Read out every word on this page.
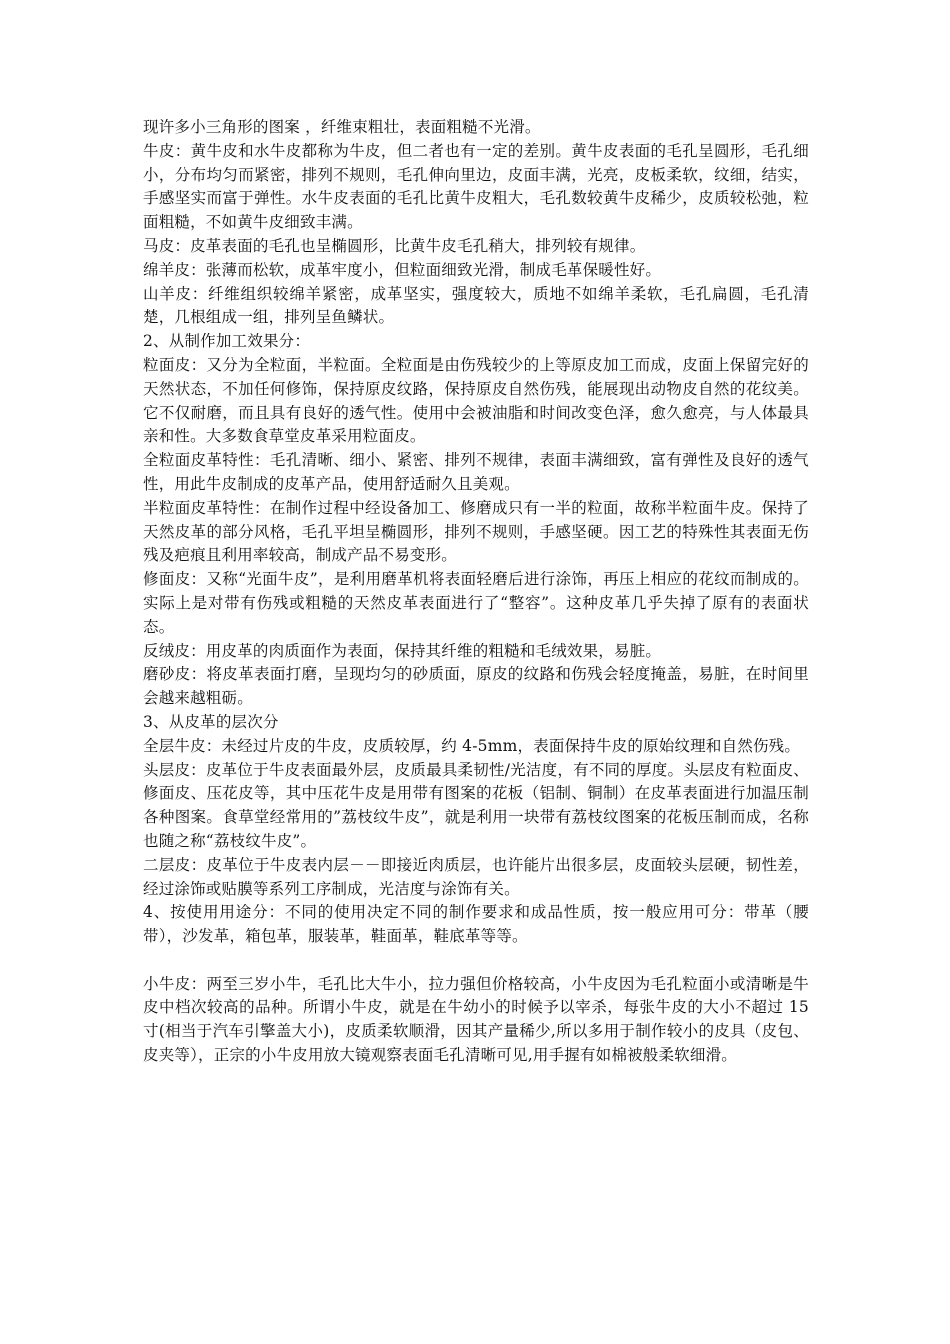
现许多小三角形的图案 ，纤维束粗壮，表面粗糙不光滑。

牛皮：黄牛皮和水牛皮都称为牛皮，但二者也有一定的差别。黄牛皮表面的毛孔呈圆形，毛孔细小，分布均匀而紧密，排列不规则，毛孔伸向里边，皮面丰满，光亮，皮板柔软，纹细，结实，手感坚实而富于弹性。水牛皮表面的毛孔比黄牛皮粗大，毛孔数较黄牛皮稀少，皮质较松弛，粒面粗糙，不如黄牛皮细致丰满。

马皮：皮革表面的毛孔也呈椭圆形，比黄牛皮毛孔稍大，排列较有规律。

绵羊皮：张薄而松软，成革牢度小，但粒面细致光滑，制成毛革保暖性好。

山羊皮：纤维组织较绵羊紧密，成革坚实，强度较大，质地不如绵羊柔软，毛孔扁圆，毛孔清楚，几根组成一组，排列呈鱼鳞状。

2、从制作加工效果分：

粒面皮：又分为全粒面，半粒面。全粒面是由伤残较少的上等原皮加工而成，皮面上保留完好的天然状态，不加任何修饰，保持原皮纹路，保持原皮自然伤残，能展现出动物皮自然的花纹美。它不仅耐磨，而且具有良好的透气性。使用中会被油脂和时间改变色泽，愈久愈亮，与人体最具亲和性。大多数食草堂皮革采用粒面皮。

全粒面皮革特性：毛孔清晰、细小、紧密、排列不规律，表面丰满细致，富有弹性及良好的透气性，用此牛皮制成的皮革产品，使用舒适耐久且美观。

半粒面皮革特性：在制作过程中经设备加工、修磨成只有一半的粒面，故称半粒面牛皮。保持了天然皮革的部分风格，毛孔平坦呈椭圆形，排列不规则，手感坚硬。因工艺的特殊性其表面无伤残及疤痕且利用率较高，制成产品不易变形。

修面皮：又称“光面牛皮”，是利用磨革机将表面轻磨后进行涂饰，再压上相应的花纹而制成的。实际上是对带有伤残或粗糙的天然皮革表面进行了“整容”。这种皮革几乎失掉了原有的表面状态。

反绒皮：用皮革的肉质面作为表面，保持其纤维的粗糙和毛绒效果，易脏。

磨砂皮：将皮革表面打磨，呈现均匀的砂质面，原皮的纹路和伤残会轻度掩盖，易脏，在时间里会越来越粗砺。

3、从皮革的层次分

全层牛皮：未经过片皮的牛皮，皮质较厚，约 4-5mm，表面保持牛皮的原始纹理和自然伤残。

头层皮：皮革位于牛皮表面最外层，皮质最具柔韧性/光洁度，有不同的厚度。头层皮有粒面皮、修面皮、压花皮等，其中压花牛皮是用带有图案的花板（铝制、铜制）在皮革表面进行加温压制各种图案。食草堂经常用的”荔枝纹牛皮”，就是利用一块带有荔枝纹图案的花板压制而成，名称也随之称“荔枝纹牛皮”。

二层皮：皮革位于牛皮表内层－－即接近肉质层，也许能片出很多层，皮面较头层硬，韧性差，经过涂饰或贴膜等系列工序制成，光洁度与涂饰有关。

4、按使用用途分：不同的使用决定不同的制作要求和成品性质，按一般应用可分：带革（腰带），沙发革，箱包革，服装革，鞋面革，鞋底革等等。

小牛皮：两至三岁小牛，毛孔比大牛小，拉力强但价格较高，小牛皮因为毛孔粒面小或清晰是牛皮中档次较高的品种。所谓小牛皮，就是在牛幼小的时候予以宰杀，每张牛皮的大小不超过 15 寸(相当于汽车引擎盖大小)，皮质柔软顺滑，因其产量稀少,所以多用于制作较小的皮具（皮包、皮夹等），正宗的小牛皮用放大镜观察表面毛孔清晰可见,用手握有如棉被般柔软细滑。
